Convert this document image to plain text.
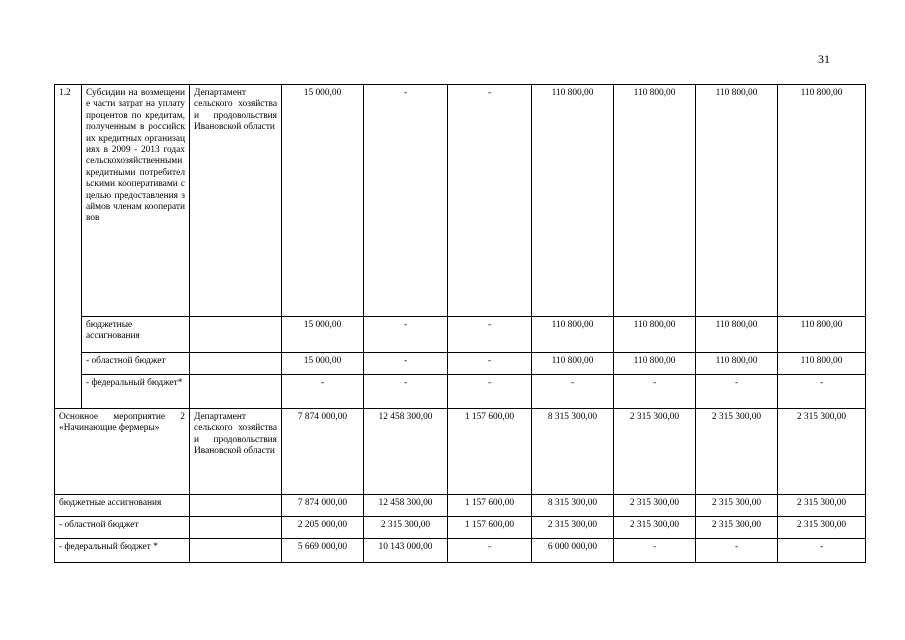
31
1.2	Субсидии на возмещение части затрат на уплату процентов по кредитам, полученным в российских кредитных организациях в 2009 - 2013 годах сельскохозяйственными кредитными потребительскими кооперативами с целью предоставления займов членам кооперативов	Департамент сельского хозяйства и продовольствия Ивановской области	15 000,00	-	-	110 800,00	110 800,00	110 800,00	110 800,00
	бюджетные ассигнования		15 000,00	-	-	110 800,00	110 800,00	110 800,00	110 800,00
	- областной бюджет		15 000,00	-	-	110 800,00	110 800,00	110 800,00	110 800,00
	- федеральный бюджет*		-	-	-	-	-	-	-
Основное мероприятие 2 «Начинающие фермеры»		Департамент сельского хозяйства и продовольствия Ивановской области	7 874 000,00	12 458 300,00	1 157 600,00	8 315 300,00	2 315 300,00	2 315 300,00	2 315 300,00
бюджетные ассигнования			7 874 000,00	12 458 300,00	1 157 600,00	8 315 300,00	2 315 300,00	2 315 300,00	2 315 300,00
- областной бюджет			2 205 000,00	2 315 300,00	1 157 600,00	2 315 300,00	2 315 300,00	2 315 300,00	2 315 300,00
- федеральный бюджет *			5 669 000,00	10 143 000,00	-	6 000 000,00	-	-	-
